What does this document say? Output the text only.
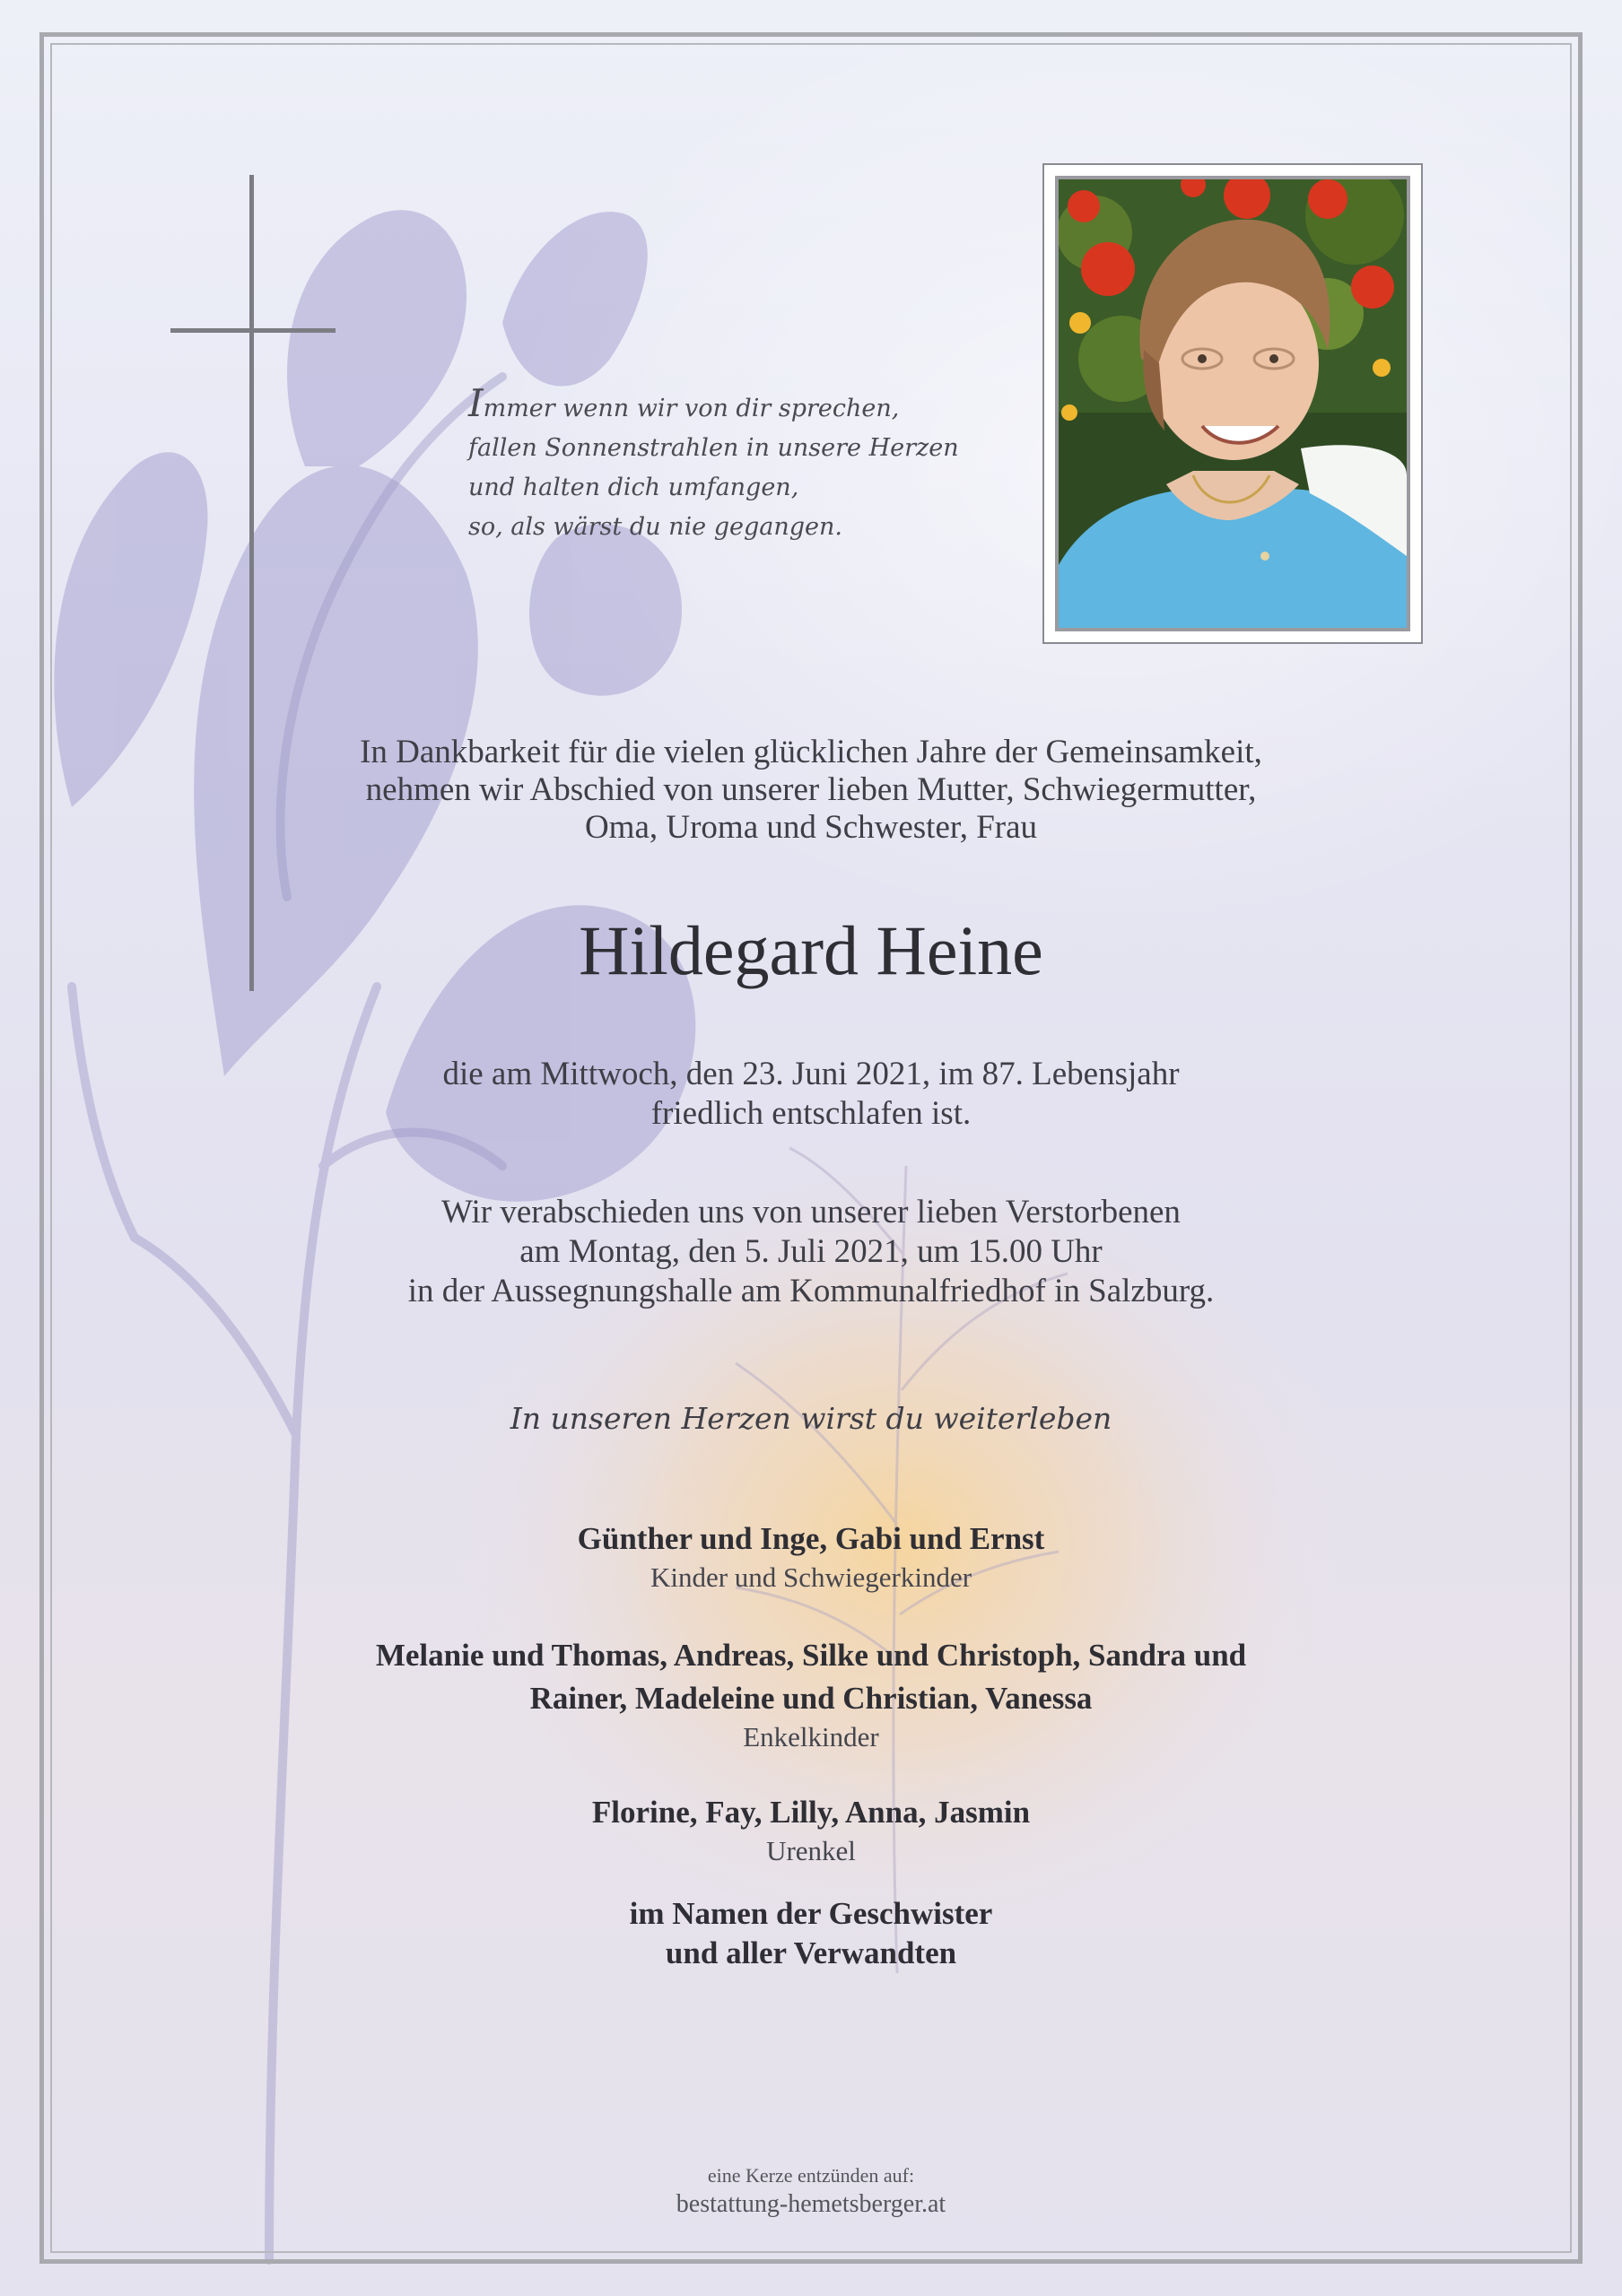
Immer wenn wir von dir sprechen,
fallen Sonnenstrahlen in unsere Herzen
und halten dich umfangen,
so, als wärst du nie gegangen.
In Dankbarkeit für die vielen glücklichen Jahre der Gemeinsamkeit,
nehmen wir Abschied von unserer lieben Mutter, Schwiegermutter,
Oma, Uroma und Schwester, Frau
Hildegard Heine
die am Mittwoch, den 23. Juni 2021, im 87. Lebensjahr
friedlich entschlafen ist.
Wir verabschieden uns von unserer lieben Verstorbenen
am Montag, den 5. Juli 2021, um 15.00 Uhr
in der Aussegnungshalle am Kommunalfriedhof in Salzburg.
In unseren Herzen wirst du weiterleben
Günther und Inge, Gabi und Ernst
Kinder und Schwiegerkinder
Melanie und Thomas, Andreas, Silke und Christoph, Sandra und
Rainer, Madeleine und Christian, Vanessa
Enkelkinder
Florine, Fay, Lilly, Anna, Jasmin
Urenkel
im Namen der Geschwister
und aller Verwandten
eine Kerze entzünden auf:
bestattung-hemetsberger.at
